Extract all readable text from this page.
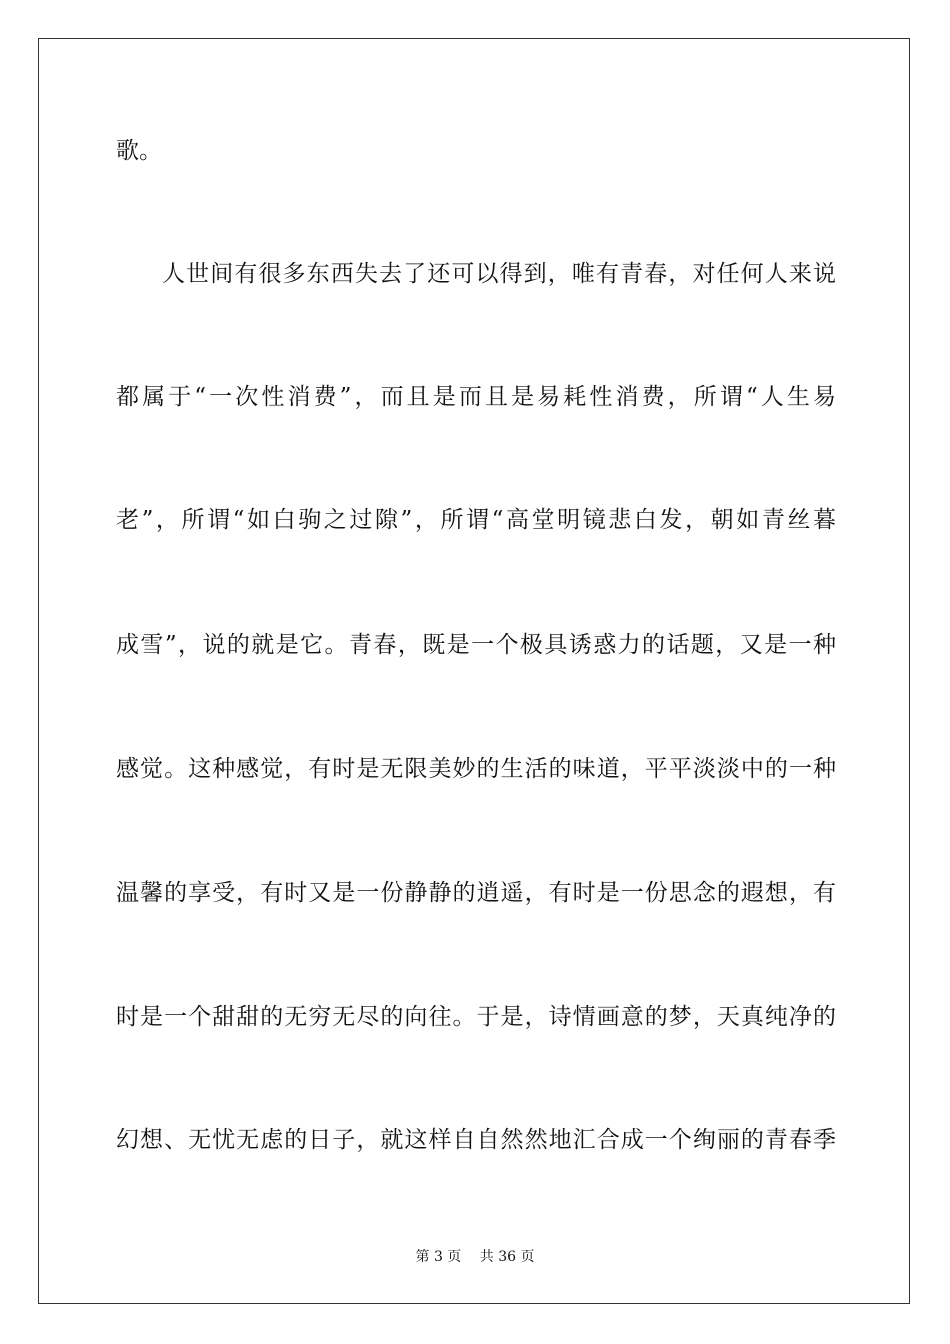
歌。
人世间有很多东西失去了还可以得到，唯有青春，对任何人来说
都属于“一次性消费”，而且是而且是易耗性消费，所谓“人生易
老”，所谓“如白驹之过隙”，所谓“高堂明镜悲白发，朝如青丝暮
成雪”，说的就是它。青春，既是一个极具诱惑力的话题，又是一种
感觉。这种感觉，有时是无限美妙的生活的味道，平平淡淡中的一种
温馨的享受，有时又是一份静静的逍遥，有时是一份思念的遐想，有
时是一个甜甜的无穷无尽的向往。于是，诗情画意的梦，天真纯净的
幻想、无忧无虑的日子，就这样自自然然地汇合成一个绚丽的青春季
第 3 页　 共 36 页
